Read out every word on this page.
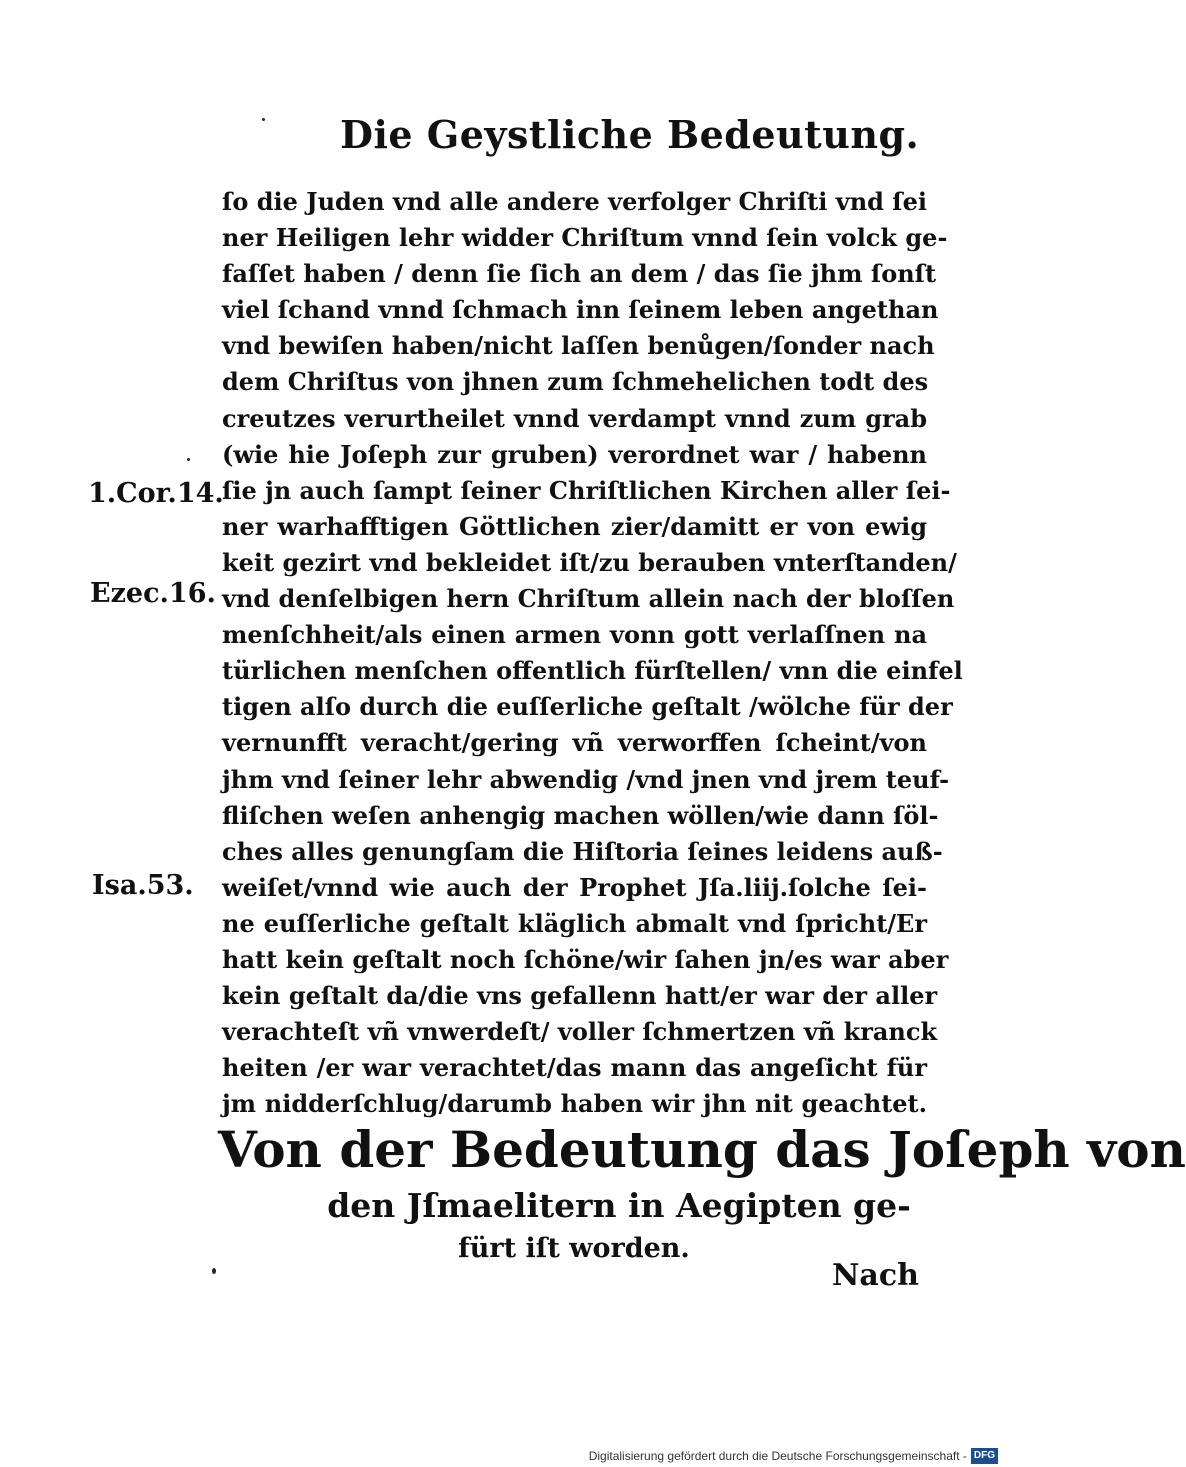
Die Geystliche Bedeutung.
ſo die Juden vnd alle andere verfolger Chriſti vnd ſei
ner Heiligen lehr widder Chriſtum vnnd ſein volck ge-
faſſet haben / denn ſie ſich an dem / das ſie jhm ſonſt
viel ſchand vnnd ſchmach inn ſeinem leben angethan
vnd bewiſen haben/nicht laſſen benůgen/ſonder nach
dem Chriſtus von jhnen zum ſchmehelichen todt des
creutzes verurtheilet vnnd verdampt vnnd zum grab
(wie hie Joſeph zur gruben) verordnet war / habenn
ſie jn auch ſampt ſeiner Chriſtlichen Kirchen aller ſei-
ner warhafftigen Göttlichen zier/damitt er von ewig
keit gezirt vnd bekleidet iſt/zu berauben vnterſtanden/
vnd denſelbigen hern Chriſtum allein nach der bloſſen
menſchheit/als einen armen vonn gott verlaſſnen na
türlichen menſchen offentlich fürſtellen/ vnn die einfel
tigen alſo durch die euſſerliche geſtalt /wölche für der
vernunfft veracht/gering vñ verworffen ſcheint/von
jhm vnd ſeiner lehr abwendig /vnd jnen vnd jrem teuf-
fliſchen weſen anhengig machen wöllen/wie dann ſöl-
ches alles genungſam die Hiſtoria ſeines leidens auß-
weiſet/vnnd wie auch der Prophet Jſa.liij.ſolche ſei-
ne euſſerliche geſtalt kläglich abmalt vnd ſpricht/Er
hatt kein geſtalt noch ſchöne/wir ſahen jn/es war aber
kein geſtalt da/die vns gefallenn hatt/er war der aller
verachteſt vñ vnwerdeſt/ voller ſchmertzen vñ kranck
heiten /er war verachtet/das mann das angeſicht für
jm nidderſchlug/darumb haben wir jhn nit geachtet.
1.Cor.14.
Ezec.16.
Isa.53.
Von der Bedeutung das Joſeph von
den Jſmaelitern in Aegipten ge-
fürt iſt worden.
Nach
Digitalisierung gefördert durch die Deutsche Forschungsgemeinschaft - DFG
